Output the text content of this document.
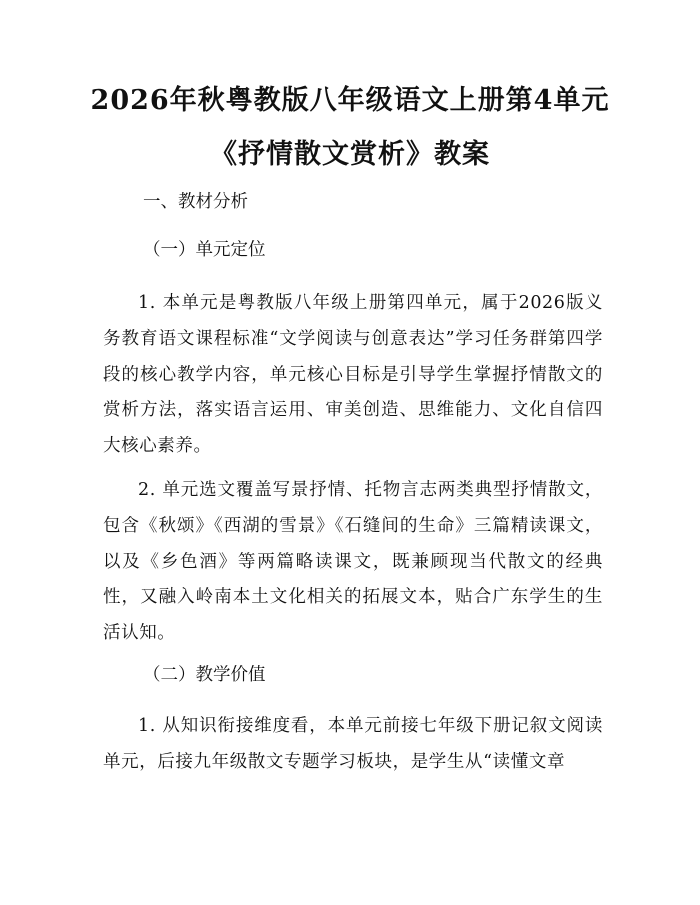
2026年秋粤教版八年级语文上册第4单元
《抒情散文赏析》教案
一、教材分析
（一）单元定位
1. 本单元是粤教版八年级上册第四单元，属于2026版义务教育语文课程标准“文学阅读与创意表达”学习任务群第四学段的核心教学内容，单元核心目标是引导学生掌握抒情散文的赏析方法，落实语言运用、审美创造、思维能力、文化自信四大核心素养。
2. 单元选文覆盖写景抒情、托物言志两类典型抒情散文，包含《秋颂》《西湖的雪景》《石缝间的生命》三篇精读课文，以及《乡色酒》等两篇略读课文，既兼顾现当代散文的经典性，又融入岭南本土文化相关的拓展文本，贴合广东学生的生活认知。
（二）教学价值
1. 从知识衔接维度看，本单元前接七年级下册记叙文阅读单元，后接九年级散文专题学习板块，是学生从“读懂文章
